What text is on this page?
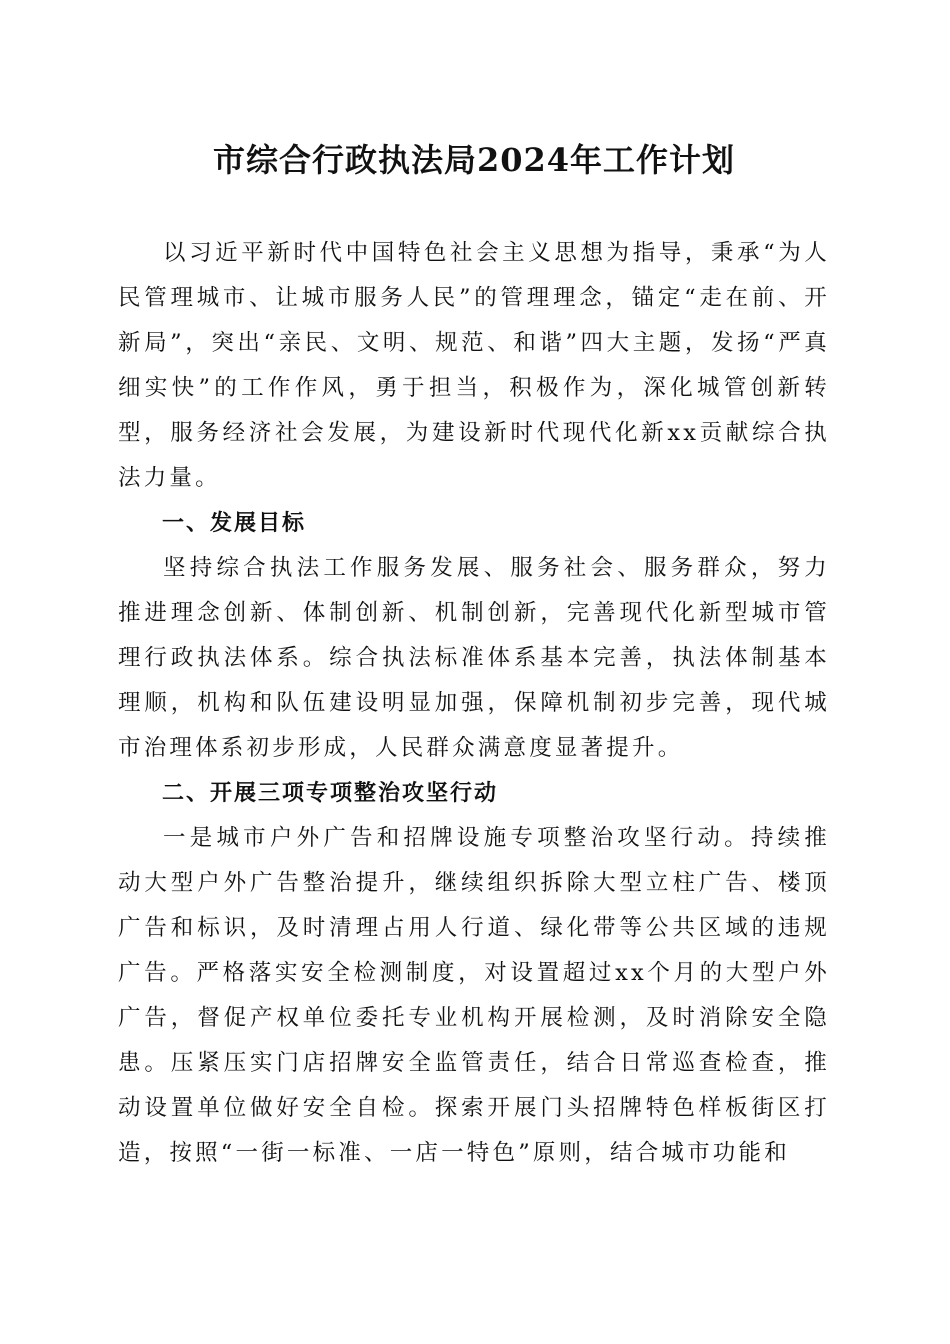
市综合行政执法局2024年工作计划

以习近平新时代中国特色社会主义思想为指导，秉承“为人民管理城市、让城市服务人民”的管理理念，锚定“走在前、开新局”，突出“亲民、文明、规范、和谐”四大主题，发扬“严真细实快”的工作作风，勇于担当，积极作为，深化城管创新转型，服务经济社会发展，为建设新时代现代化新xx贡献综合执法力量。

一、发展目标

坚持综合执法工作服务发展、服务社会、服务群众，努力推进理念创新、体制创新、机制创新，完善现代化新型城市管理行政执法体系。综合执法标准体系基本完善，执法体制基本理顺，机构和队伍建设明显加强，保障机制初步完善，现代城市治理体系初步形成，人民群众满意度显著提升。

二、开展三项专项整治攻坚行动

一是城市户外广告和招牌设施专项整治攻坚行动。持续推动大型户外广告整治提升，继续组织拆除大型立柱广告、楼顶广告和标识，及时清理占用人行道、绿化带等公共区域的违规广告。严格落实安全检测制度，对设置超过xx个月的大型户外广告，督促产权单位委托专业机构开展检测，及时消除安全隐患。压紧压实门店招牌安全监管责任，结合日常巡查检查，推动设置单位做好安全自检。探索开展门头招牌特色样板街区打造，按照“一街一标准、一店一特色”原则，结合城市功能和
